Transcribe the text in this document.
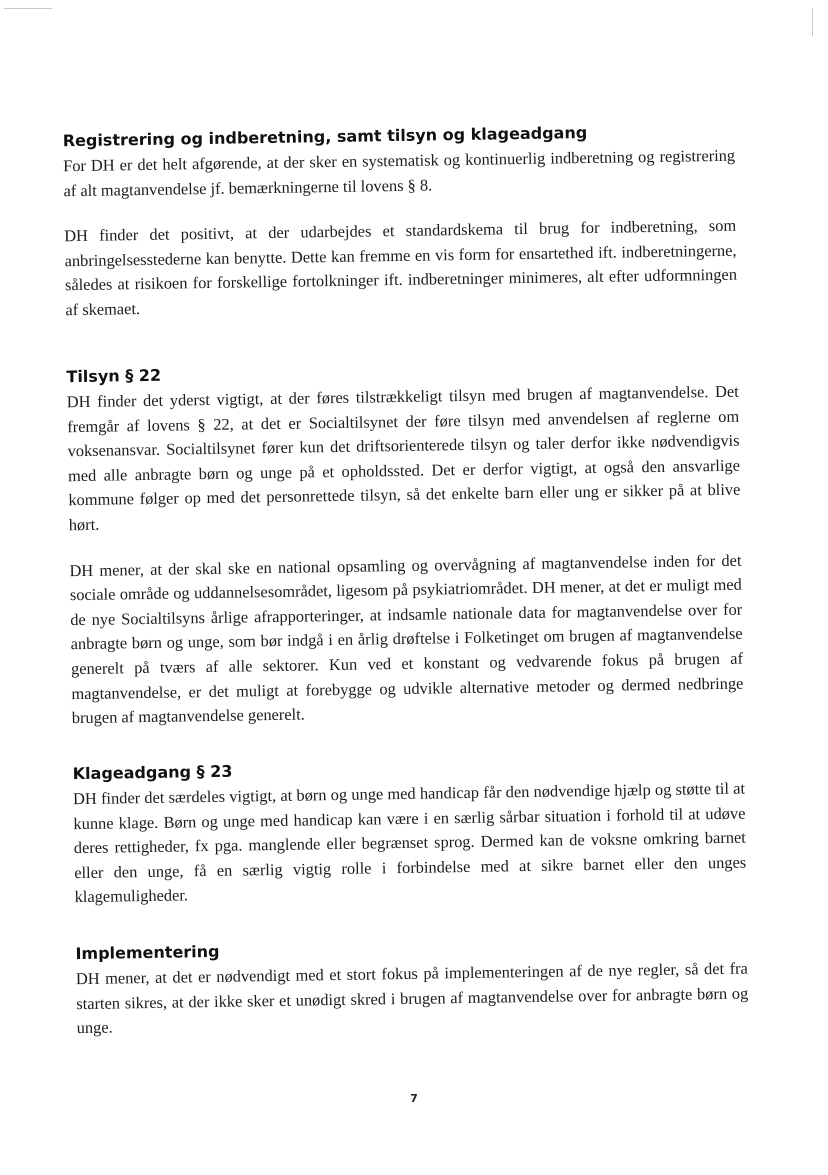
Registrering og indberetning, samt tilsyn og klageadgang

For DH er det helt afgørende, at der sker en systematisk og kontinuerlig indberetning og registrering af alt magtanvendelse jf. bemærkningerne til lovens § 8.

DH finder det positivt, at der udarbejdes et standardskema til brug for indberetning, som anbringelsesstederne kan benytte. Dette kan fremme en vis form for ensartethed ift. indberetningerne, således at risikoen for forskellige fortolkninger ift. indberetninger minimeres, alt efter udformningen af skemaet.

Tilsyn § 22

DH finder det yderst vigtigt, at der føres tilstrækkeligt tilsyn med brugen af magtanvendelse. Det fremgår af lovens § 22, at det er Socialtilsynet der føre tilsyn med anvendelsen af reglerne om voksenansvar. Socialtilsynet fører kun det driftsorienterede tilsyn og taler derfor ikke nødvendigvis med alle anbragte børn og unge på et opholdssted. Det er derfor vigtigt, at også den ansvarlige kommune følger op med det personrettede tilsyn, så det enkelte barn eller ung er sikker på at blive hørt.

DH mener, at der skal ske en national opsamling og overvågning af magtanvendelse inden for det sociale område og uddannelsesområdet, ligesom på psykiatriområdet. DH mener, at det er muligt med de nye Socialtilsyns årlige afrapporteringer, at indsamle nationale data for magtanvendelse over for anbragte børn og unge, som bør indgå i en årlig drøftelse i Folketinget om brugen af magtanvendelse generelt på tværs af alle sektorer. Kun ved et konstant og vedvarende fokus på brugen af magtanvendelse, er det muligt at forebygge og udvikle alternative metoder og dermed nedbringe brugen af magtanvendelse generelt.

Klageadgang § 23

DH finder det særdeles vigtigt, at børn og unge med handicap får den nødvendige hjælp og støtte til at kunne klage. Børn og unge med handicap kan være i en særlig sårbar situation i forhold til at udøve deres rettigheder, fx pga. manglende eller begrænset sprog. Dermed kan de voksne omkring barnet eller den unge, få en særlig vigtig rolle i forbindelse med at sikre barnet eller den unges klagemuligheder.

Implementering

DH mener, at det er nødvendigt med et stort fokus på implementeringen af de nye regler, så det fra starten sikres, at der ikke sker et unødigt skred i brugen af magtanvendelse over for anbragte børn og unge.

7
